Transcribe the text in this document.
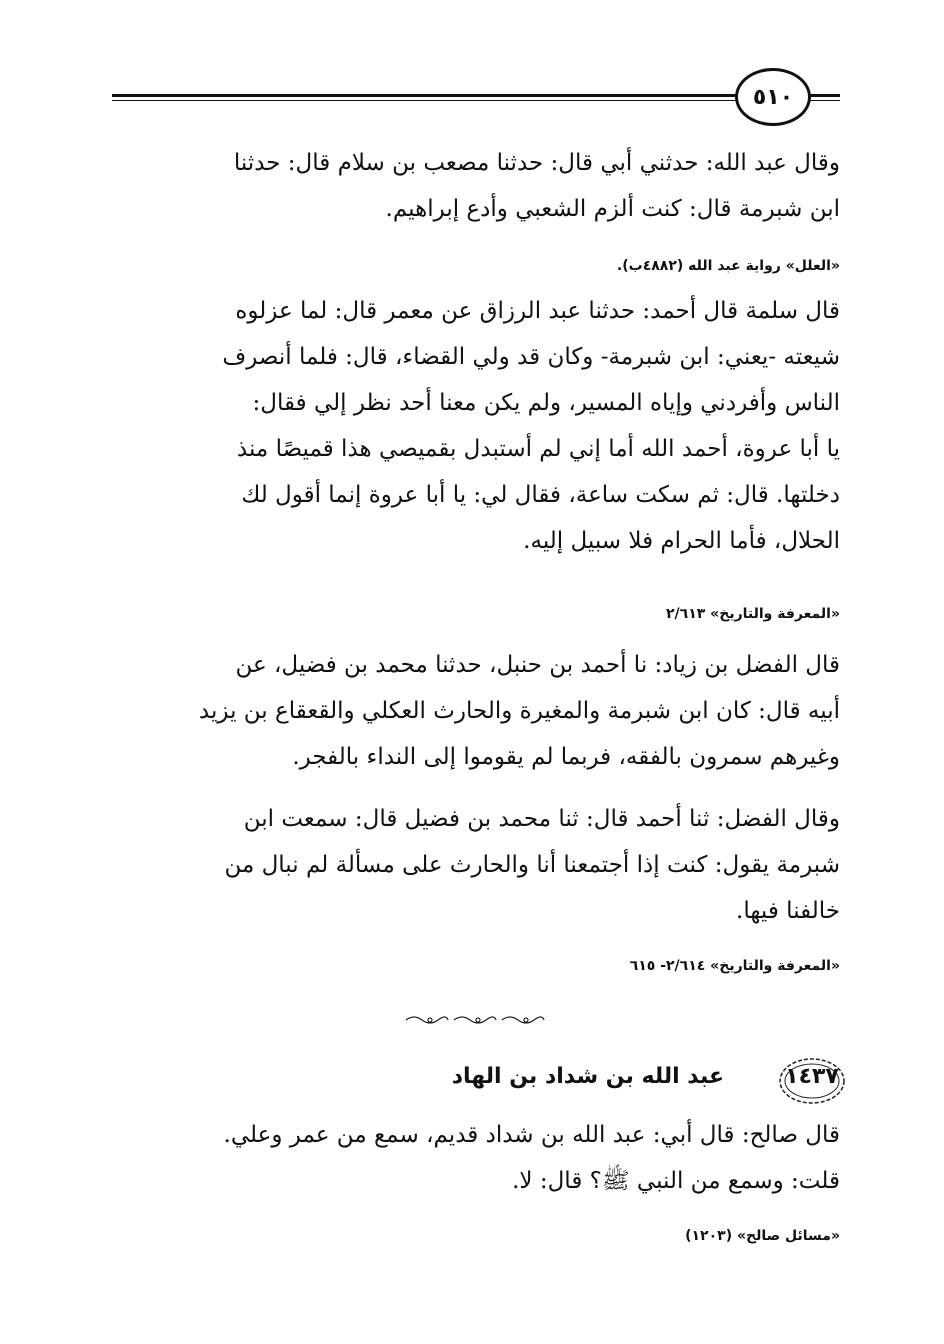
٥١٠
وقال عبد الله: حدثني أبي قال: حدثنا مصعب بن سلام قال: حدثنا
ابن شبرمة قال: كنت ألزم الشعبي وأدع إبراهيم.
«العلل» رواية عبد الله (٤٨٨٢ب).
قال سلمة قال أحمد: حدثنا عبد الرزاق عن معمر قال: لما عزلوه
شيعته -يعني: ابن شبرمة- وكان قد ولي القضاء، قال: فلما أنصرف
الناس وأفردني وإياه المسير، ولم يكن معنا أحد نظر إلي فقال:
يا أبا عروة، أحمد الله أما إني لم أستبدل بقميصي هذا قميصًا منذ
دخلتها. قال: ثم سكت ساعة، فقال لي: يا أبا عروة إنما أقول لك
الحلال، فأما الحرام فلا سبيل إليه.
«المعرفة والتاريخ» ٢/٦١٣
قال الفضل بن زياد: نا أحمد بن حنبل، حدثنا محمد بن فضيل، عن
أبيه قال: كان ابن شبرمة والمغيرة والحارث العكلي والقعقاع بن يزيد
وغيرهم سمرون بالفقه، فربما لم يقوموا إلى النداء بالفجر.
وقال الفضل: ثنا أحمد قال: ثنا محمد بن فضيل قال: سمعت ابن
شبرمة يقول: كنت إذا أجتمعنا أنا والحارث على مسألة لم نبال من
خالفنا فيها.
«المعرفة والتاريخ» ٢/٦١٤- ٦١٥
١٤٣٧
عبد الله بن شداد بن الهاد
قال صالح: قال أبي: عبد الله بن شداد قديم، سمع من عمر وعلي.
قلت: وسمع من النبي ﷺ؟ قال: لا.
«مسائل صالح» (١٢٠٣)
